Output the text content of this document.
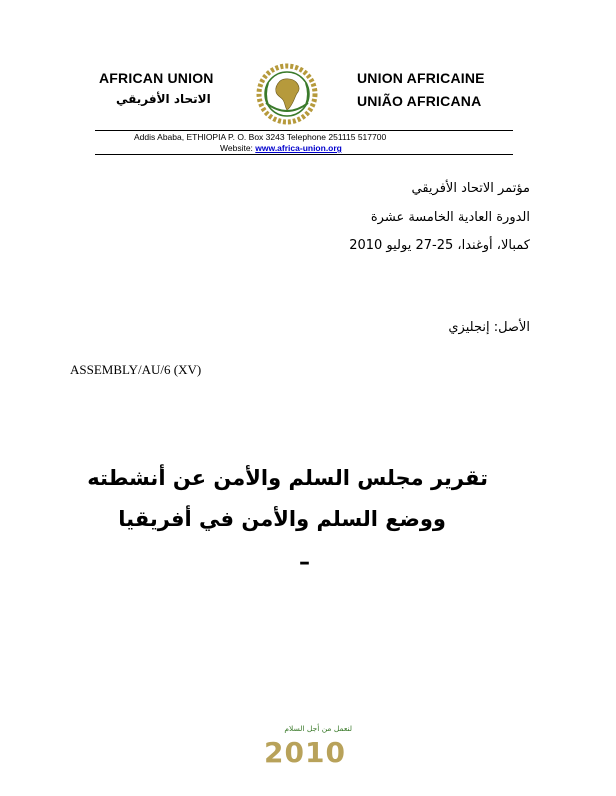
AFRICAN UNION
الاتحاد الأفريقي
UNION AFRICAINE
UNIÃO AFRICANA
Addis Ababa, ETHIOPIA P. O. Box 3243 Telephone 251115 517700
Website: www.africa-union.org
مؤتمر الاتحاد الأفريقي
الدورة العادية الخامسة عشرة
كمبالا، أوغندا، 25-27 يوليو 2010
الأصل: إنجليزي
ASSEMBLY/AU/6 (XV)
تقرير مجلس السلم والأمن عن أنشطته
ووضع السلم والأمن في أفريقيا
–
لنعمل من أجل السلام
2010
